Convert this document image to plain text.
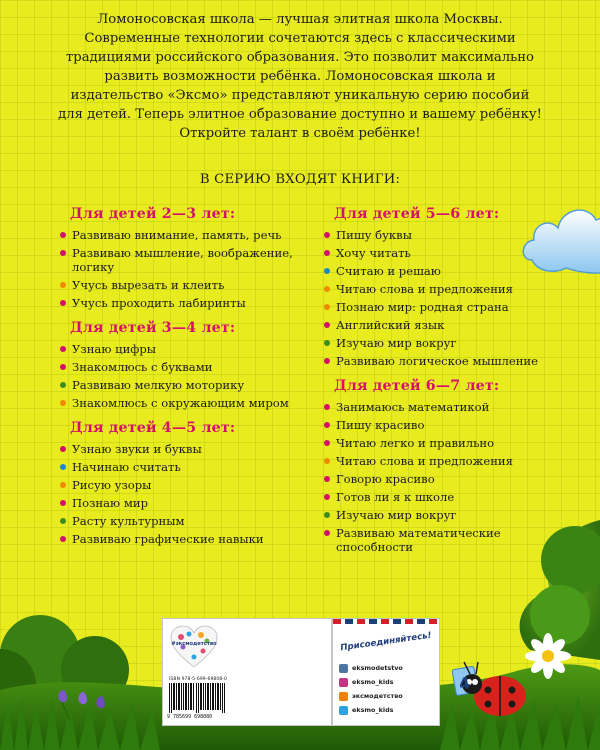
Ломоносовская школа — лучшая элитная школа Москвы. Современные технологии сочетаются здесь с классическими традициями российского образования. Это позволит максимально развить возможности ребёнка. Ломоносовская школа и издательство «Эксмо» представляют уникальную серию пособий для детей. Теперь элитное образование доступно и вашему ребёнку! Откройте талант в своём ребёнке!
В СЕРИЮ ВХОДЯТ КНИГИ:
Для детей 2—3 лет:
Развиваю внимание, память, речь
Развиваю мышление, воображение, логику
Учусь вырезать и клеить
Учусь проходить лабиринты
Для детей 3—4 лет:
Узнаю цифры
Знакомлюсь с буквами
Развиваю мелкую моторику
Знакомлюсь с окружающим миром
Для детей 4—5 лет:
Узнаю звуки и буквы
Начинаю считать
Рисую узоры
Познаю мир
Расту культурным
Развиваю графические навыки
Для детей 5—6 лет:
Пишу буквы
Хочу читать
Считаю и решаю
Читаю слова и предложения
Познаю мир: родная страна
Английский язык
Изучаю мир вокруг
Развиваю логическое мышление
Для детей 6—7 лет:
Занимаюсь математикой
Пишу красиво
Читаю легко и правильно
Читаю слова и предложения
Говорю красиво
Готов ли я к школе
Изучаю мир вокруг
Развиваю математические способности
4
#эксмодетство
ISBN 978-5-699-69808-0
9 785699 698080
Присоединяйтесь!
eksmodetstvo
eksmo_kids
эксмодетство
eksmo_kids
